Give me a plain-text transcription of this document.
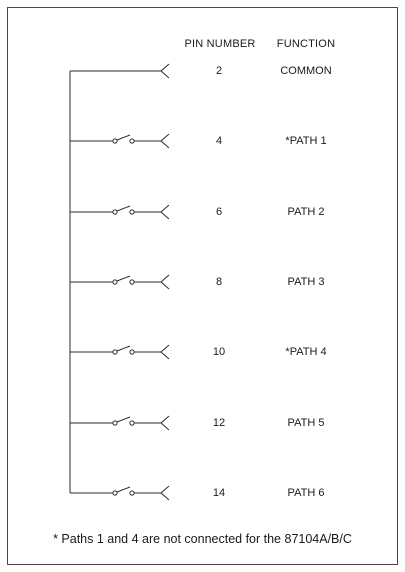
PIN NUMBER FUNCTION
2	COMMON
4	*PATH 1
6	PATH 2
8	PATH 3
10	*PATH 4
12	PATH 5
14	PATH 6
* Paths 1 and 4 are not connected for the 87104A/B/C
